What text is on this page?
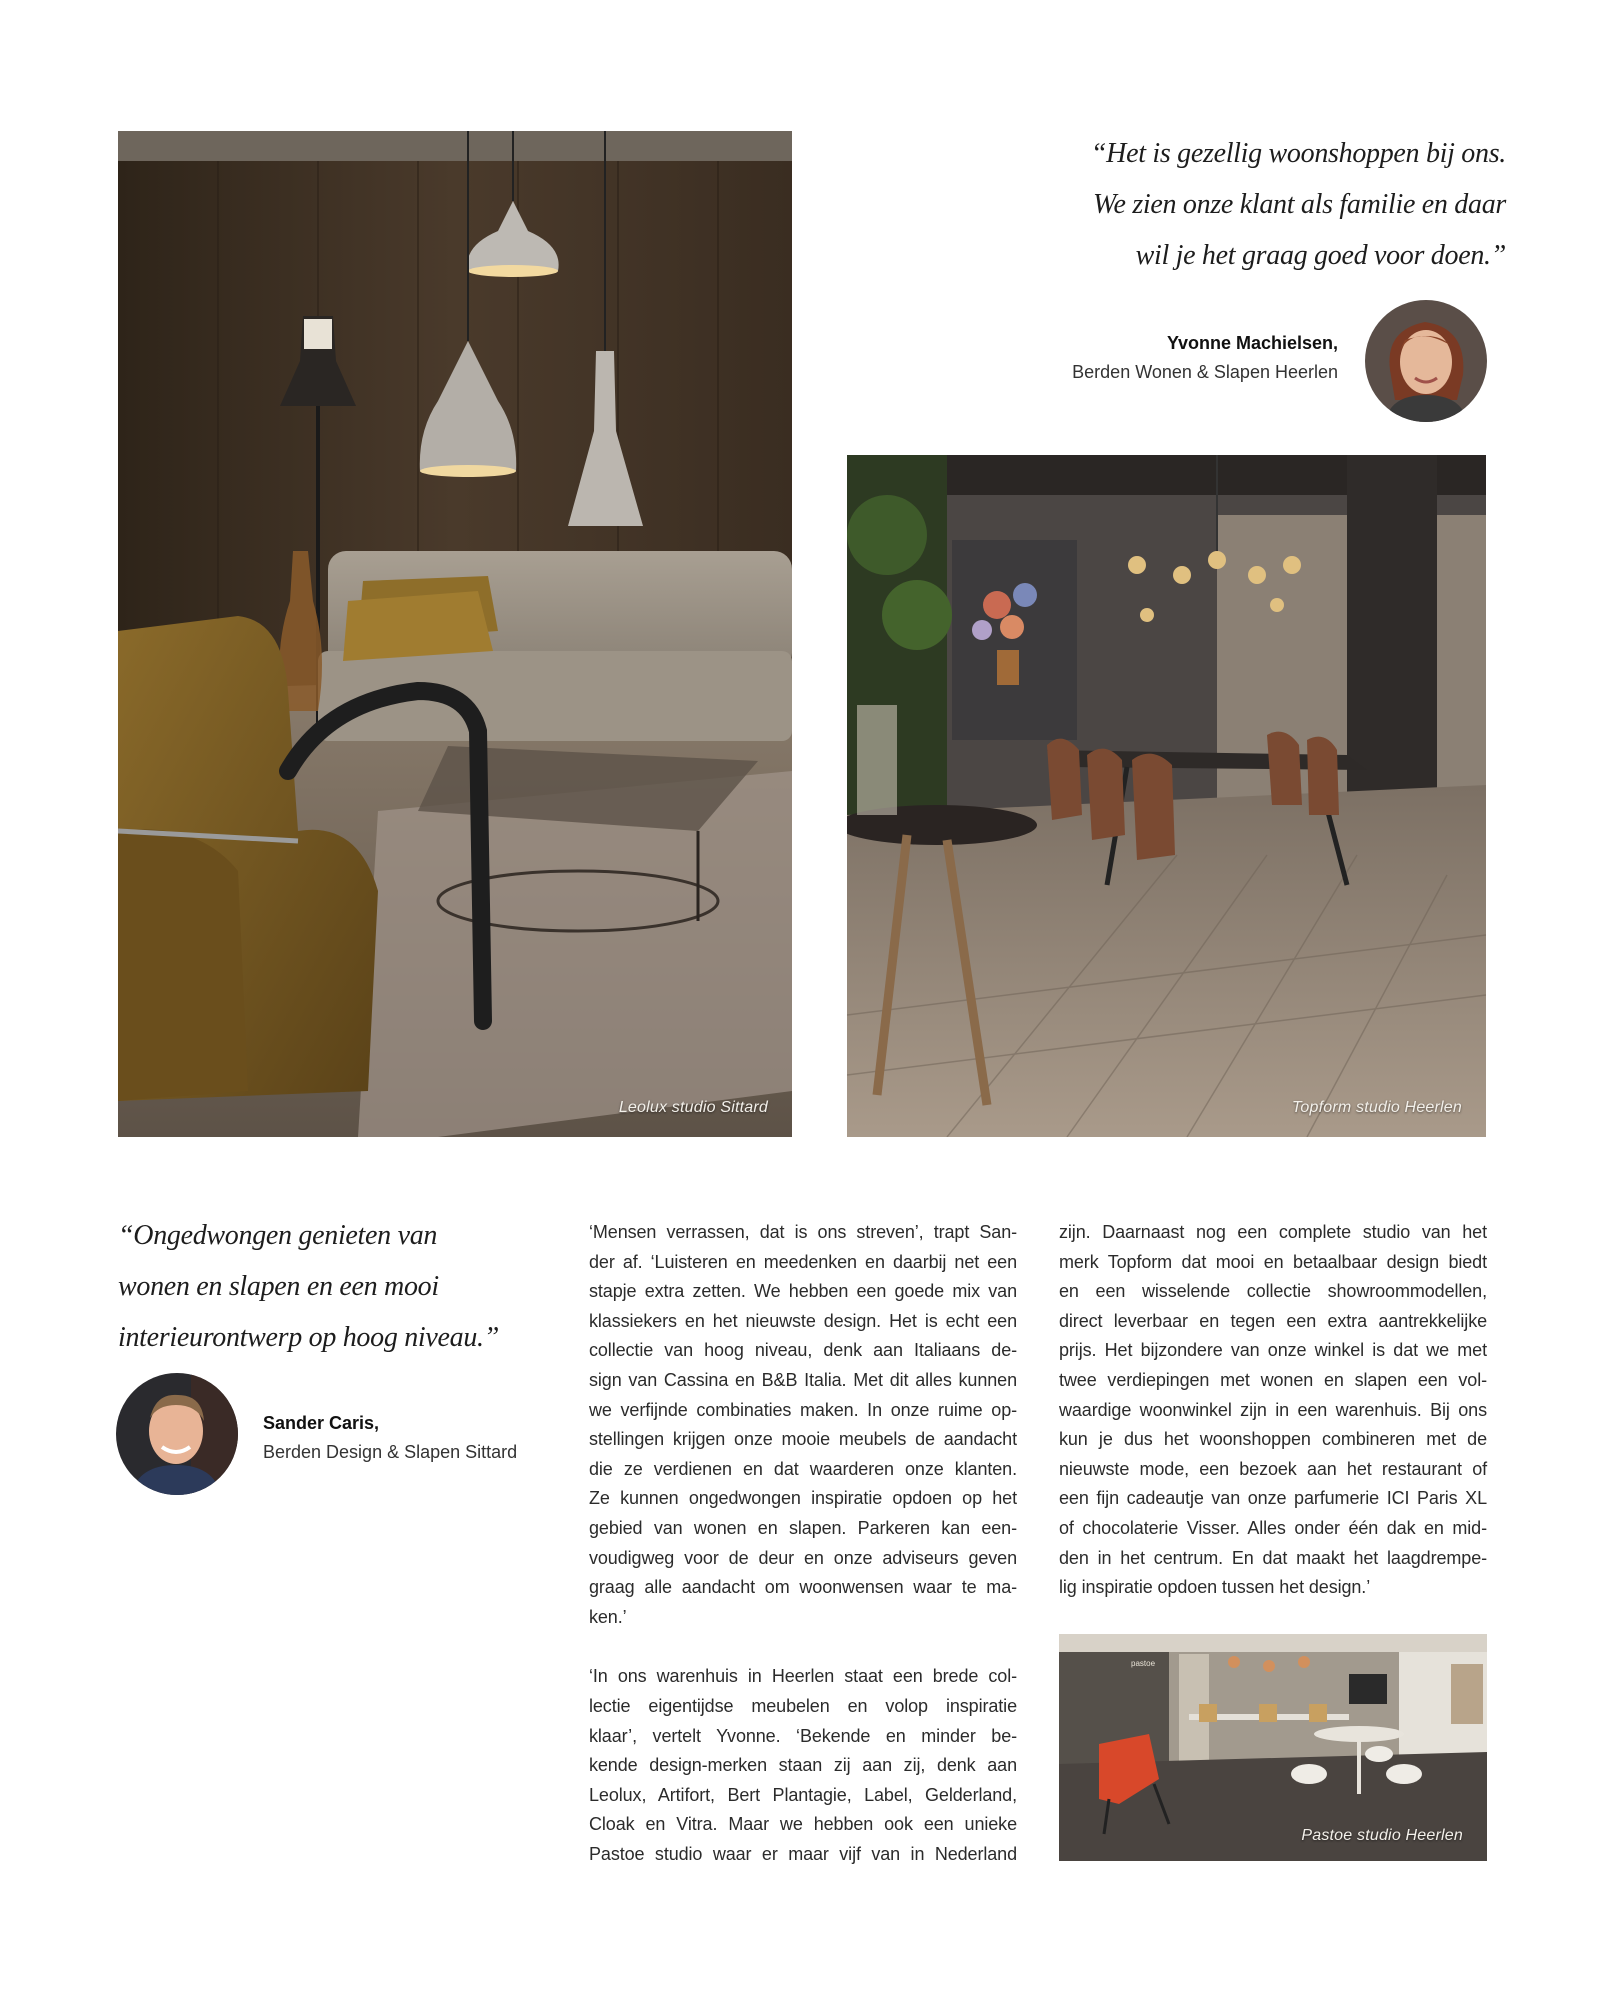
Leolux studio Sittard
“Het is gezellig woonshoppen bij ons.
We zien onze klant als familie en daar
wil je het graag goed voor doen.”
Yvonne Machielsen,
Berden Wonen & Slapen Heerlen
Topform studio Heerlen
“Ongedwongen genieten van
wonen en slapen en een mooi
interieurontwerp op hoog niveau.”
Sander Caris,
Berden Design & Slapen Sittard
‘Mensen verrassen, dat is ons streven’, trapt San-
der af. ‘Luisteren en meedenken en daarbij net een
stapje extra zetten. We hebben een goede mix van
klassiekers en het nieuwste design. Het is echt een
collectie van hoog niveau, denk aan Italiaans de-
sign van Cassina en B&B Italia. Met dit alles kunnen
we verfijnde combinaties maken. In onze ruime op-
stellingen krijgen onze mooie meubels de aandacht
die ze verdienen en dat waarderen onze klanten.
Ze kunnen ongedwongen inspiratie opdoen op het
gebied van wonen en slapen. Parkeren kan een-
voudigweg voor de deur en onze adviseurs geven
graag alle aandacht om woonwensen waar te ma-
ken.’
‘In ons warenhuis in Heerlen staat een brede col-
lectie eigentijdse meubelen en volop inspiratie
klaar’, vertelt Yvonne. ‘Bekende en minder be-
kende design-merken staan zij aan zij, denk aan
Leolux, Artifort, Bert Plantagie, Label, Gelderland,
Cloak en Vitra. Maar we hebben ook een unieke
Pastoe studio waar er maar vijf van in Nederland
zijn. Daarnaast nog een complete studio van het
merk Topform dat mooi en betaalbaar design biedt
en een wisselende collectie showroommodellen,
direct leverbaar en tegen een extra aantrekkelijke
prijs. Het bijzondere van onze winkel is dat we met
twee verdiepingen met wonen en slapen een vol-
waardige woonwinkel zijn in een warenhuis. Bij ons
kun je dus het woonshoppen combineren met de
nieuwste mode, een bezoek aan het restaurant of
een fijn cadeautje van onze parfumerie ICI Paris XL
of chocolaterie Visser. Alles onder één dak en mid-
den in het centrum. En dat maakt het laagdrempe-
lig inspiratie opdoen tussen het design.’
pastoe
Pastoe studio Heerlen
